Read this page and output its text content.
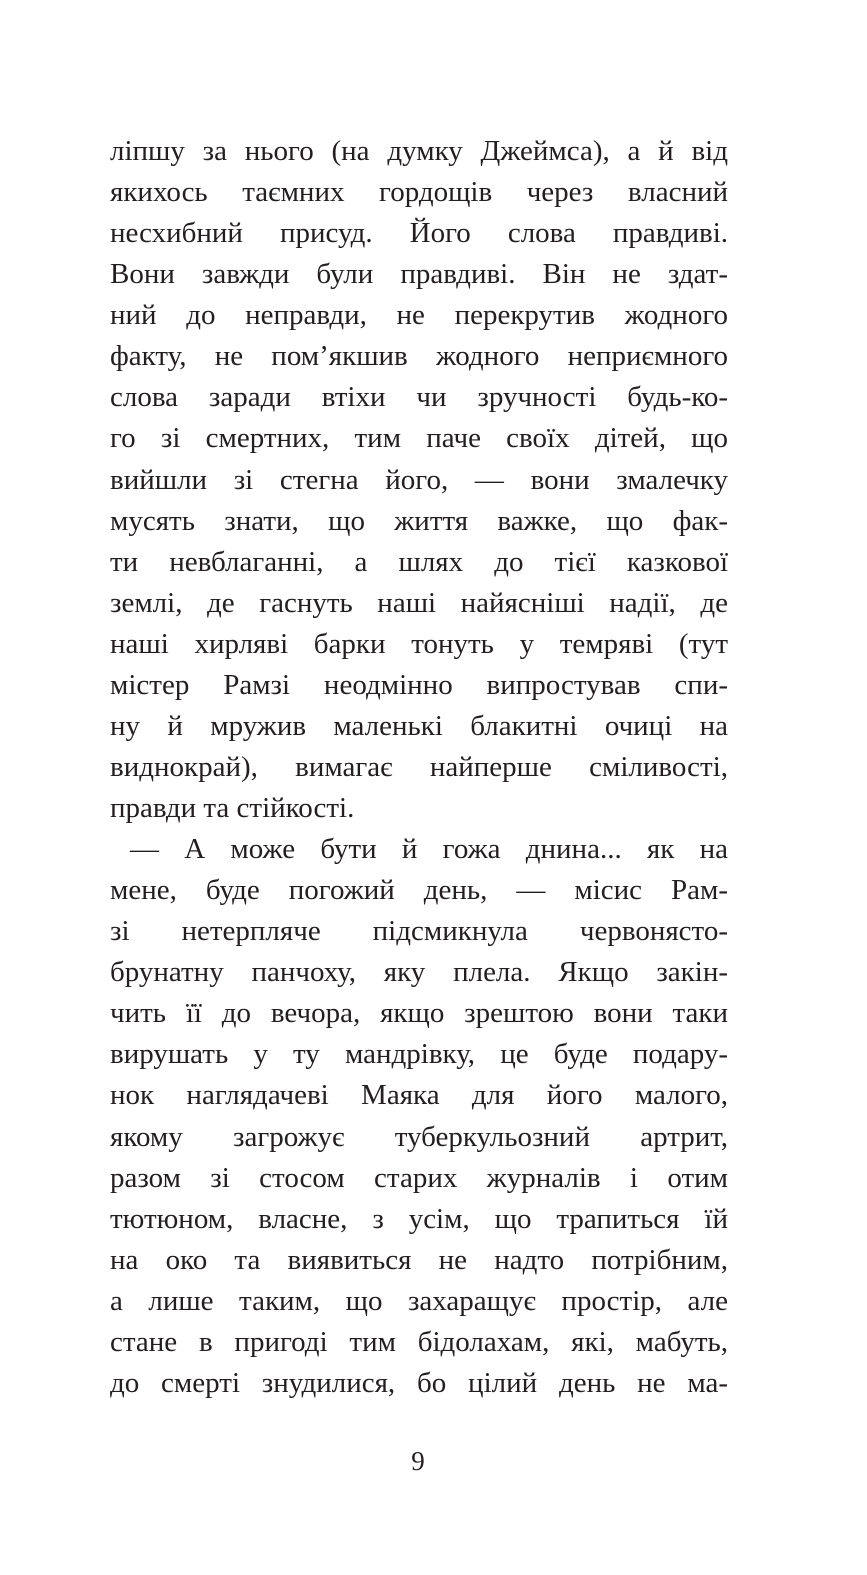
ліпшу за нього (на думку Джеймса), а й від
якихось таємних гордощів через власний
несхибний присуд. Його слова правдиві.
Вони завжди були правдиві. Він не здат-
ний до неправди, не перекрутив жодного
факту, не пом’якшив жодного неприємного
слова заради втіхи чи зручності будь-ко-
го зі смертних, тим паче своїх дітей, що
вийшли зі стегна його, — вони змалечку
мусять знати, що життя важке, що фак-
ти невблаганні, а шлях до тієї казкової
землі, де гаснуть наші найясніші надії, де
наші хирляві барки тонуть у темряві (тут
містер Рамзі неодмінно випростував спи-
ну й мружив маленькі блакитні очиці на
виднокрай), вимагає найперше сміливості,
правди та стійкості.
— А може бути й гожа днина... як на
мене, буде погожий день, — місис Рам-
зі нетерпляче підсмикнула червонясто-
брунатну панчоху, яку плела. Якщо закін-
чить її до вечора, якщо зрештою вони таки
вирушать у ту мандрівку, це буде подару-
нок наглядачеві Маяка для його малого,
якому загрожує туберкульозний артрит,
разом зі стосом старих журналів і отим
тютюном, власне, з усім, що трапиться їй
на око та виявиться не надто потрібним,
а лише таким, що захаращує простір, але
стане в пригоді тим бідолахам, які, мабуть,
до смерті знудилися, бо цілий день не ма-
9
